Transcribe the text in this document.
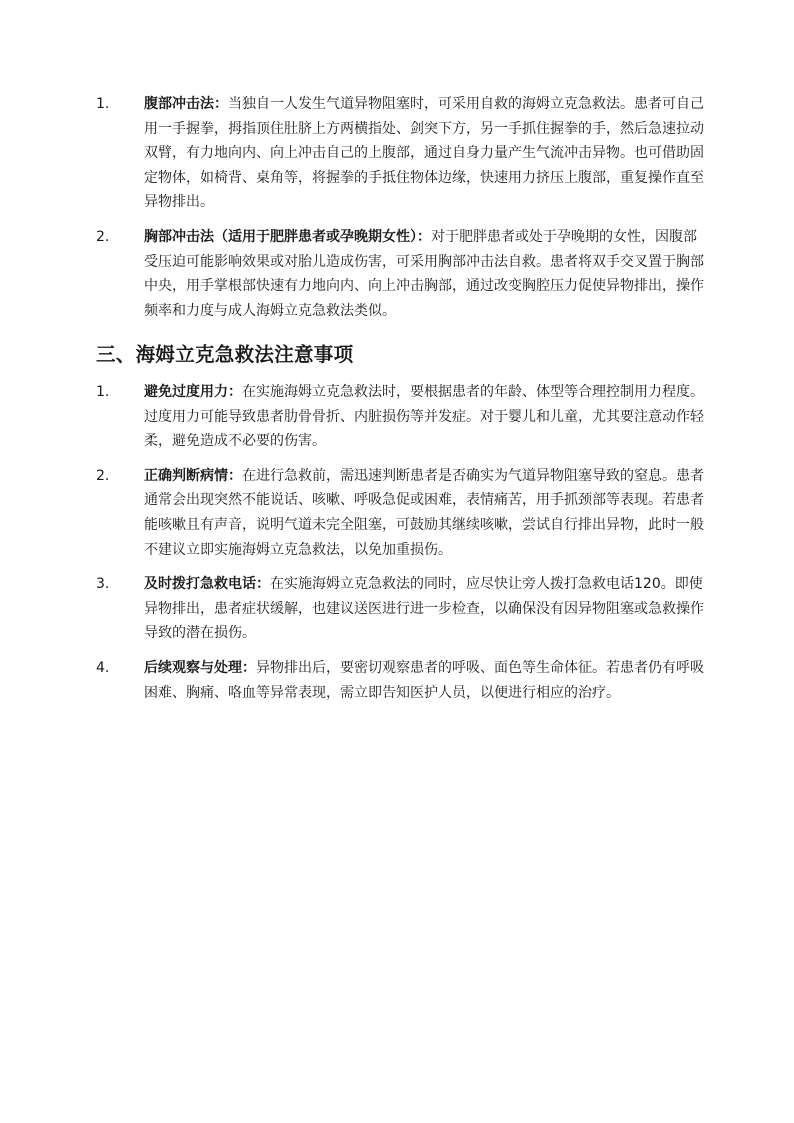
1.	腹部冲击法：当独自一人发生气道异物阻塞时，可采用自救的海姆立克急救法。患者可自己用一手握拳，拇指顶住肚脐上方两横指处、剑突下方，另一手抓住握拳的手，然后急速拉动双臂，有力地向内、向上冲击自己的上腹部，通过自身力量产生气流冲击异物。也可借助固定物体，如椅背、桌角等，将握拳的手抵住物体边缘，快速用力挤压上腹部，重复操作直至异物排出。
2.	胸部冲击法（适用于肥胖患者或孕晚期女性）：对于肥胖患者或处于孕晚期的女性，因腹部受压迫可能影响效果或对胎儿造成伤害，可采用胸部冲击法自救。患者将双手交叉置于胸部中央，用手掌根部快速有力地向内、向上冲击胸部，通过改变胸腔压力促使异物排出，操作频率和力度与成人海姆立克急救法类似。
三、海姆立克急救法注意事项
1.	避免过度用力：在实施海姆立克急救法时，要根据患者的年龄、体型等合理控制用力程度。过度用力可能导致患者肋骨骨折、内脏损伤等并发症。对于婴儿和儿童，尤其要注意动作轻柔，避免造成不必要的伤害。
2.	正确判断病情：在进行急救前，需迅速判断患者是否确实为气道异物阻塞导致的窒息。患者通常会出现突然不能说话、咳嗽、呼吸急促或困难，表情痛苦，用手抓颈部等表现。若患者能咳嗽且有声音，说明气道未完全阻塞，可鼓励其继续咳嗽，尝试自行排出异物，此时一般不建议立即实施海姆立克急救法，以免加重损伤。
3.	及时拨打急救电话：在实施海姆立克急救法的同时，应尽快让旁人拨打急救电话120。即使异物排出，患者症状缓解，也建议送医进行进一步检查，以确保没有因异物阻塞或急救操作导致的潜在损伤。
4.	后续观察与处理：异物排出后，要密切观察患者的呼吸、面色等生命体征。若患者仍有呼吸困难、胸痛、咯血等异常表现，需立即告知医护人员，以便进行相应的治疗。
